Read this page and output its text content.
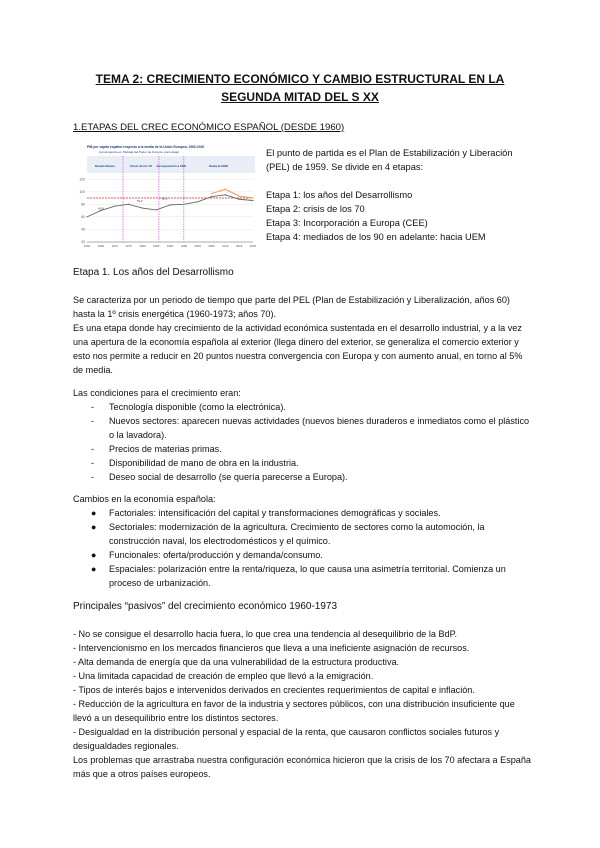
TEMA 2: CRECIMIENTO ECONÓMICO Y CAMBIO ESTRUCTURAL EN LA
SEGUNDA MITAD DEL S XX
1.ETAPAS DEL CREC ECONÓMICO ESPAÑOL (DESDE 1960)
PIB per cápita español respecto a la media de la Unión Europea, 1960-2020
(convergencia en Paridad del Poder de Compra, porcentaje)
120
100
80
60
40
20
1960	1965	1970	1975	1980	1985	1990	1995	2000	2005	2010	2015	2020
Desarrollismo	Crisis de los 70 Incorporación a CEE	Hacia la UEM
60,8
79,3
90,5

El punto de partida es el Plan de Estabilización y Liberación (PEL) de 1959. Se divide en 4 etapas:

Etapa 1: los años del Desarrollismo

Etapa 2: crisis de los 70

Etapa 3: Incorporación a Europa (CEE)

Etapa 4: mediados de los 90 en adelante: hacia UEM

Etapa 1. Los años del Desarrollismo

Se caracteriza por un periodo de tiempo que parte del PEL (Plan de Estabilización y Liberalización, años 60) hasta la 1º crisis energética (1960-1973; años 70).

Es una etapa donde hay crecimiento de la actividad económica sustentada en el desarrollo industrial, y a la vez una apertura de la economía española al exterior (llega dinero del exterior, se generaliza el comercio exterior y esto nos permite a reducir en 20 puntos nuestra convergencia con Europa y con aumento anual, en torno al 5% de media.

Las condiciones para el crecimiento eran:

- Tecnología disponible (como la electrónica).
- Nuevos sectores: aparecen nuevas actividades (nuevos bienes duraderos e inmediatos como el plástico o la lavadora).
- Precios de materias primas.
- Disponibilidad de mano de obra en la industria.
- Deseo social de desarrollo (se quería parecerse a Europa).

Cambios en la economía española:

● Factoriales: intensificación del capital y transformaciones demográficas y sociales.
● Sectoriales: modernización de la agricultura. Crecimiento de sectores como la automoción, la construcción naval, los electrodomésticos y el químico.
● Funcionales: oferta/producción y demanda/consumo.
● Espaciales: polarización entre la renta/riqueza, lo que causa una asimetría territorial. Comienza un proceso de urbanización.
Principales “pasivos” del crecimiento económico 1960-1973

- No se consigue el desarrollo hacia fuera, lo que crea una tendencia al desequilibrio de la BdP.

- Intervencionismo en los mercados financieros que lleva a una ineficiente asignación de recursos.

- Alta demanda de energía que da una vulnerabilidad de la estructura productiva.

- Una limitada capacidad de creación de empleo que llevó a la emigración.

- Tipos de interés bajos e intervenidos derivados en crecientes requerimientos de capital e inflación.

- Reducción de la agricultura en favor de la industria y sectores públicos, con una distribución insuficiente que llevó a un desequilibrio entre los distintos sectores.

- Desigualdad en la distribución personal y espacial de la renta, que causaron conflictos sociales futuros y desigualdades regionales.

Los problemas que arrastraba nuestra configuración económica hicieron que la crisis de los 70 afectara a España más que a otros países europeos.
